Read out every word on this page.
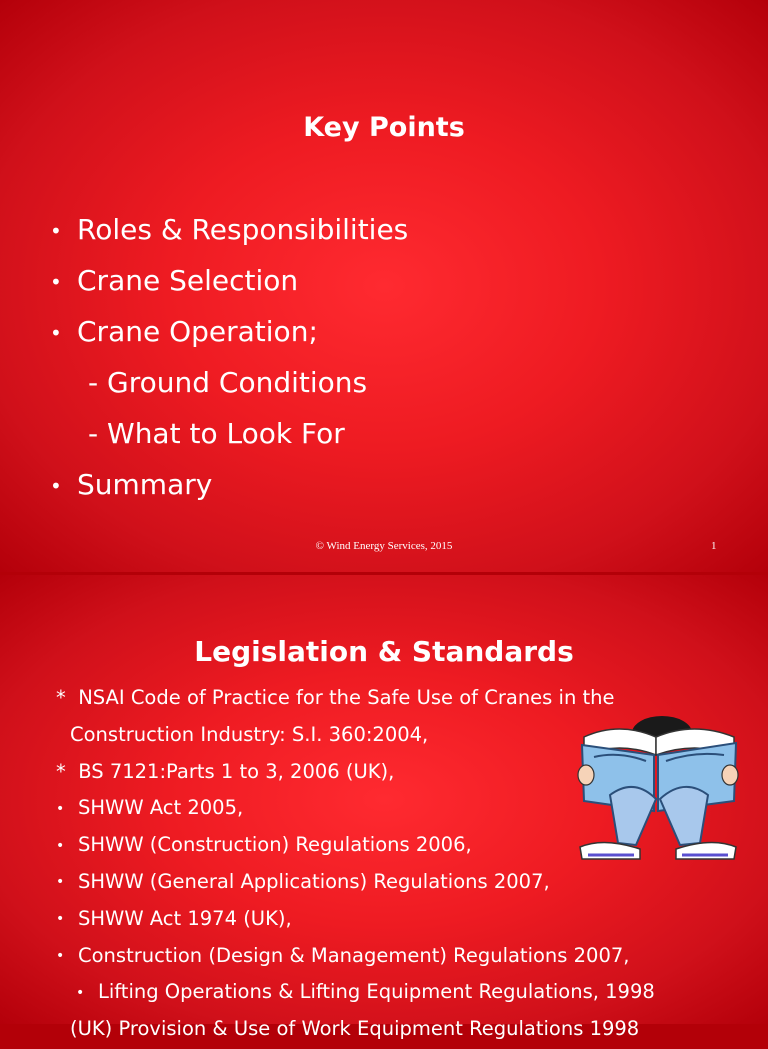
Key Points
• Roles & Responsibilities
• Crane Selection
• Crane Operation;
- Ground Conditions
- What to Look For
• Summary
© Wind Energy Services, 2015	1
Legislation & Standards
* NSAI Code of Practice for the Safe Use of Cranes in the
Construction Industry: S.I. 360:2004,
* BS 7121:Parts 1 to 3, 2006 (UK),
• SHWW Act 2005,
• SHWW (Construction) Regulations 2006,
• SHWW (General Applications) Regulations 2007,
• SHWW Act 1974 (UK),
• Construction (Design & Management) Regulations 2007,
• Lifting Operations & Lifting Equipment Regulations, 1998
(UK) Provision & Use of Work Equipment Regulations 1998
